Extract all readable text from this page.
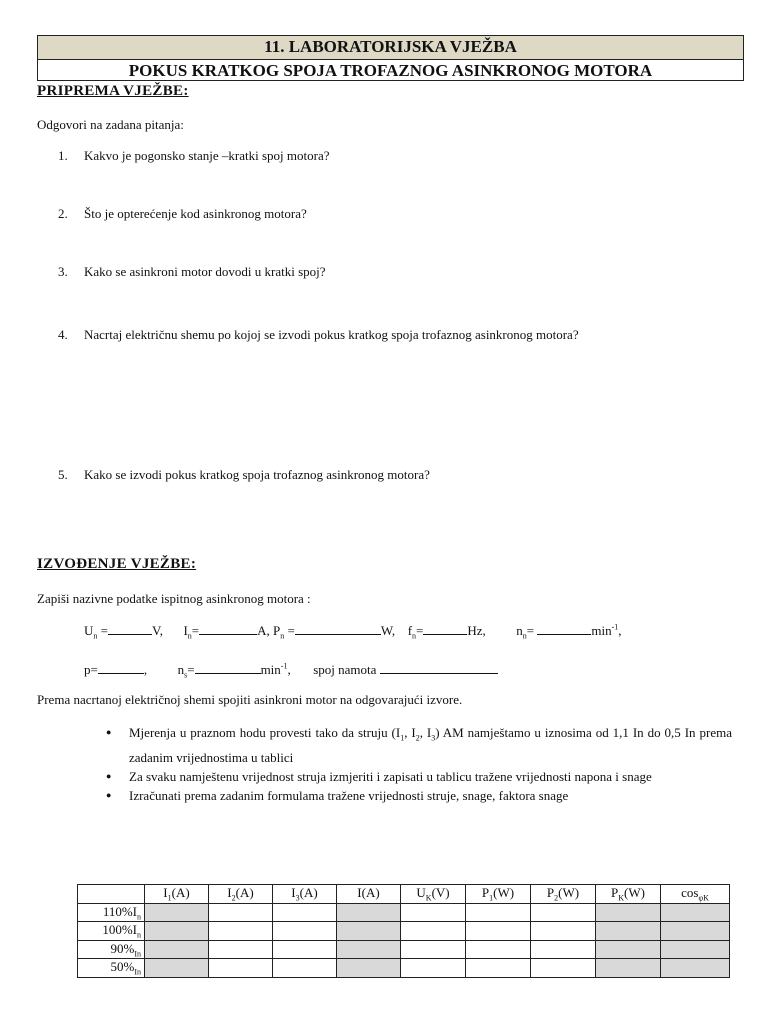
11. LABORATORIJSKA VJEŽBA
POKUS KRATKOG SPOJA TROFAZNOG ASINKRONOG MOTORA
PRIPREMA VJEŽBE:
Odgovori na zadana pitanja:
1. Kakvo je pogonsko stanje –kratki spoj motora?
2. Što je opterećenje kod asinkronog motora?
3. Kako se asinkroni motor dovodi u kratki spoj?
4. Nacrtaj električnu shemu po kojoj se izvodi pokus kratkog spoja trofaznog asinkronog motora?
5. Kako se izvodi pokus kratkog spoja trofaznog asinkronog motora?
IZVOĐENJE VJEŽBE:
Zapiši nazivne podatke ispitnog asinkronog motora :
$U_n$ =	V, $I_n=$	A, $P_n$ =	W, $f_n=$	Hz, $n_n=$	$\min^{-1}$,
p=	, $n_s=$	$\min^{-1}$, spoj namota
Prema nacrtanoj električnoj shemi spojiti asinkroni motor na odgovarajući izvore.
● Mjerenja u praznom hodu provesti tako da struju ($I_1$, $I_2$, $I_3$) AM namještamo u iznosima od 1,1 In do 0,5 In prema zadanim vrijednostima u tablici
● Za svaku namještenu vrijednost struja izmjeriti i zapisati u tablicu tražene vrijednosti napona i snage
● Izračunati prema zadanim formulama tražene vrijednosti struje, snage, faktora snage
	$I_1(A)$	$I_2(A)$	$I_3(A)$	I(A)	$U_K(V)$	$P_1(W)$	$P_2(W)$	$P_K(W)$	$\cos_{\varphi K}$
$110\%I_n$									
$100\%I_n$									
$90\%_{In}$									
$50\%_{In}$									
